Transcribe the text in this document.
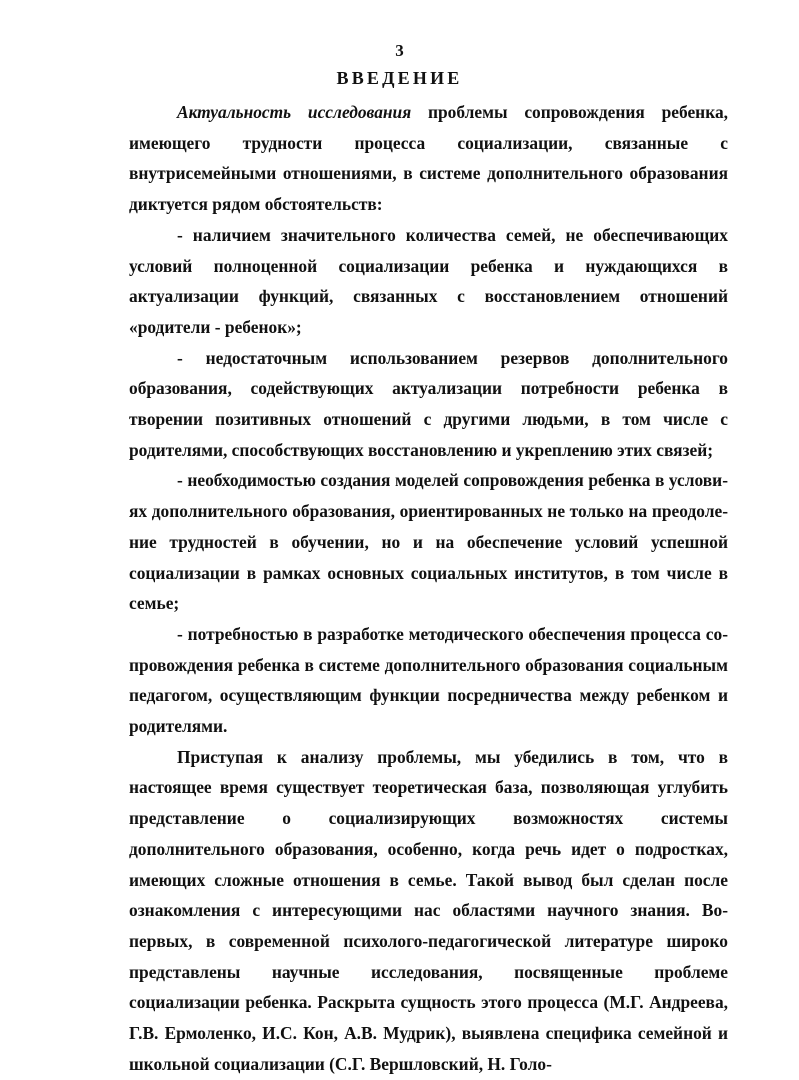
3
ВВЕДЕНИЕ

Актуальность исследования проблемы сопровождения ребенка, имеющего трудности процесса социализации, связанные с внутрисемейными отношениями, в системе дополнительного образования диктуется рядом обстоятельств:

- наличием значительного количества семей, не обеспечивающих условий полноценной социализации ребенка и нуждающихся в актуализации функций, связанных с восстановлением отношений «родители - ребенок»;

- недостаточным использованием резервов дополнительного образования, содействующих актуализации потребности ребенка в творении позитивных отношений с другими людьми, в том числе с родителями, способствующих восстановлению и укреплению этих связей;

- необходимостью создания моделей сопровождения ребенка в условиях дополнительного образования, ориентированных не только на преодоление трудностей в обучении, но и на обеспечение условий успешной социализации в рамках основных социальных институтов, в том числе в семье;

- потребностью в разработке методического обеспечения процесса сопровождения ребенка в системе дополнительного образования социальным педагогом, осуществляющим функции посредничества между ребенком и родителями.

Приступая к анализу проблемы, мы убедились в том, что в настоящее время существует теоретическая база, позволяющая углубить представление о социализирующих возможностях системы дополнительного образования, особенно, когда речь идет о подростках, имеющих сложные отношения в семье. Такой вывод был сделан после ознакомления с интересующими нас областями научного знания. Во-первых, в современной психолого-педагогической литературе широко представлены научные исследования, посвященные проблеме социализации ребенка. Раскрыта сущность этого процесса (М.Г. Андреева, Г.В. Ермоленко, И.С. Кон, А.В. Мудрик), выявлена специфика семейной и школьной социализации (С.Г. Вершловский, Н. Голо-
